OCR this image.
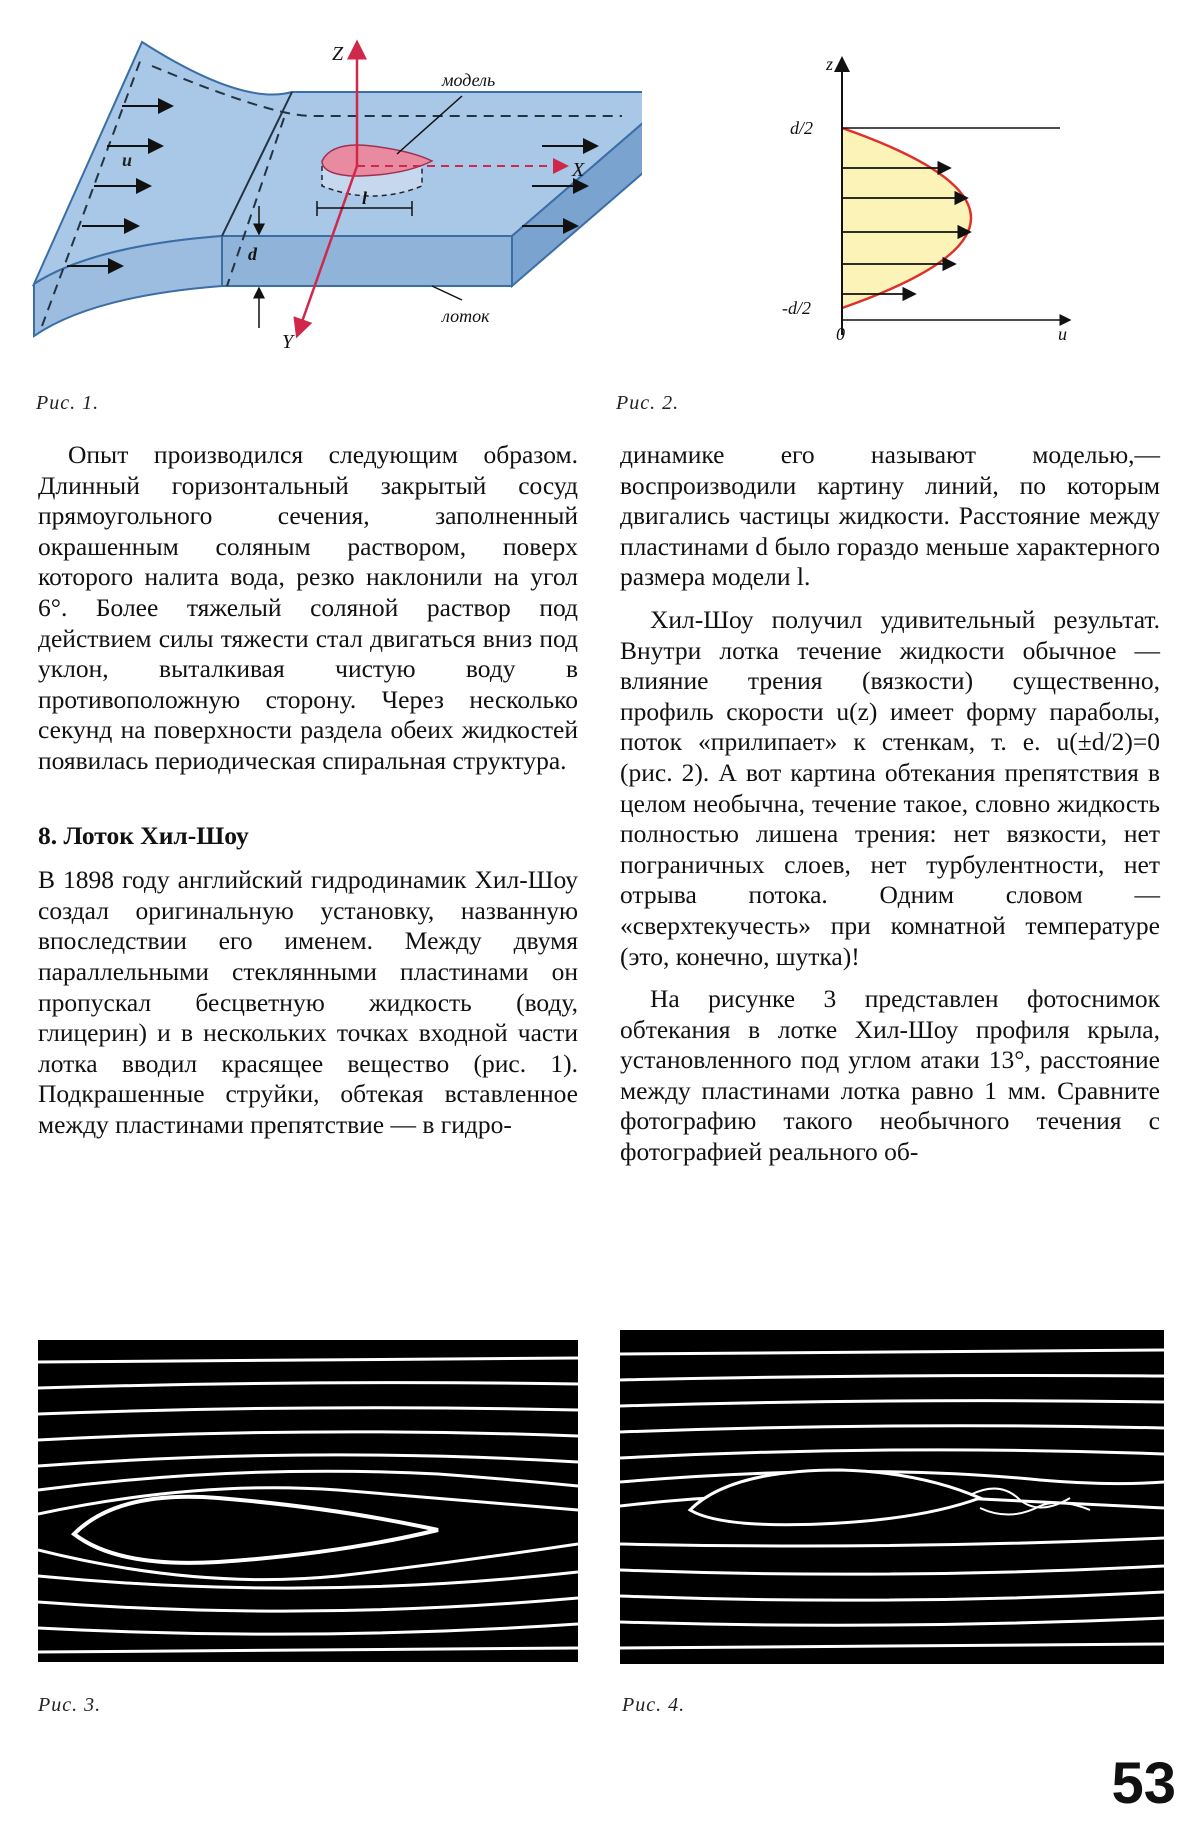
Z
X
Y
модель
лоток
u
d
l
Рис. 1.
z
d/2
-d/2
0	u
Рис. 2.

Опыт производился следующим образом. Длинный горизонтальный закрытый сосуд прямоугольного сечения, заполненный окрашенным соляным раствором, поверх которого налита вода, резко наклонили на угол 6°. Более тяжелый соляной раствор под действием силы тяжести стал двигаться вниз под уклон, выталкивая чистую воду в противоположную сторону. Через несколько секунд на поверхности раздела обеих жидкостей появилась периодическая спиральная структура.

8. Лоток Хил-Шоу

В 1898 году английский гидродинамик Хил-Шоу создал оригинальную установку, названную впоследствии его именем. Между двумя параллельными стеклянными пластинами он пропускал бесцветную жидкость (воду, глицерин) и в нескольких точках входной части лотка вводил красящее вещество (рис. 1). Подкрашенные струйки, обтекая вставленное между пластинами препятствие — в гидро-

динамике его называют моделью,— воспроизводили картину линий, по которым двигались частицы жидкости. Расстояние между пластинами d было гораздо меньше характерного размера модели l.

Хил-Шоу получил удивительный результат. Внутри лотка течение жидкости обычное — влияние трения (вязкости) существенно, профиль скорости u(z) имеет форму параболы, поток «прилипает» к стенкам, т. е. u(±d/2)=0 (рис. 2). А вот картина обтекания препятствия в целом необычна, течение такое, словно жидкость полностью лишена трения: нет вязкости, нет пограничных слоев, нет турбулентности, нет отрыва потока. Одним словом — «сверхтекучесть» при комнатной температуре (это, конечно, шутка)!

На рисунке 3 представлен фотоснимок обтекания в лотке Хил-Шоу профиля крыла, установленного под углом атаки 13°, расстояние между пластинами лотка равно 1 мм. Сравните фотографию такого необычного течения с фотографией реального об-

Рис. 3.	Рис. 4.
53
